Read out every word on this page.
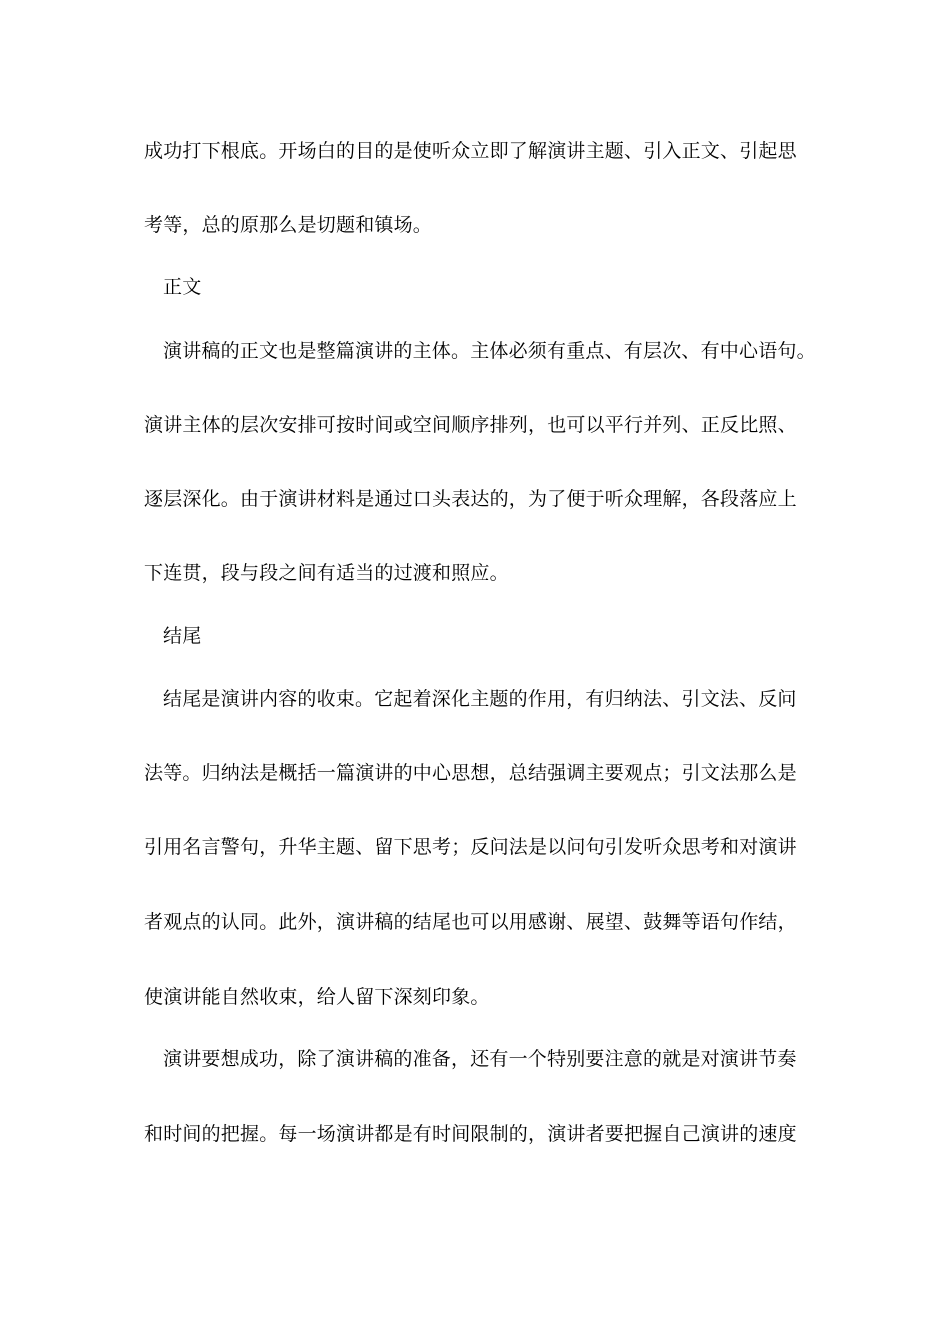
成功打下根底。开场白的目的是使听众立即了解演讲主题、引入正文、引起思
考等，总的原那么是切题和镇场。
正文
演讲稿的正文也是整篇演讲的主体。主体必须有重点、有层次、有中心语句。
演讲主体的层次安排可按时间或空间顺序排列，也可以平行并列、正反比照、
逐层深化。由于演讲材料是通过口头表达的，为了便于听众理解，各段落应上
下连贯，段与段之间有适当的过渡和照应。
结尾
结尾是演讲内容的收束。它起着深化主题的作用，有归纳法、引文法、反问
法等。归纳法是概括一篇演讲的中心思想，总结强调主要观点；引文法那么是
引用名言警句，升华主题、留下思考；反问法是以问句引发听众思考和对演讲
者观点的认同。此外，演讲稿的结尾也可以用感谢、展望、鼓舞等语句作结，
使演讲能自然收束，给人留下深刻印象。
演讲要想成功，除了演讲稿的准备，还有一个特别要注意的就是对演讲节奏
和时间的把握。每一场演讲都是有时间限制的，演讲者要把握自己演讲的速度
